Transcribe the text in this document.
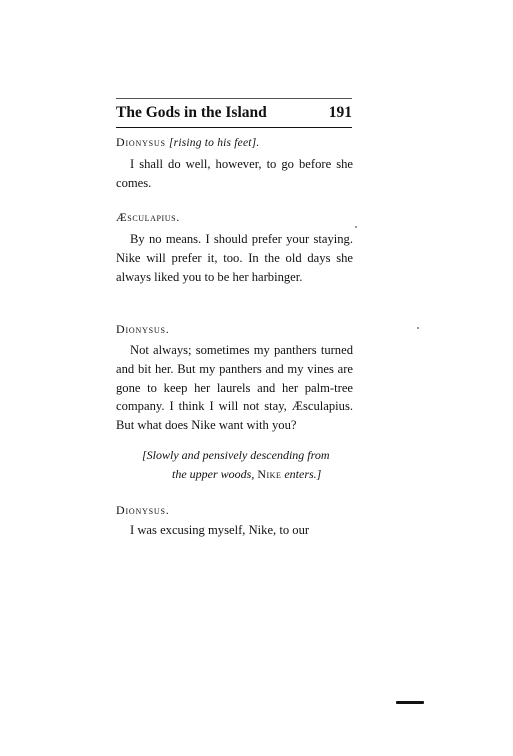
The Gods in the Island	191
Dionysus [rising to his feet].
I shall do well, however, to go before she comes.
Æsculapius.
By no means. I should prefer your staying. Nike will prefer it, too. In the old days she always liked you to be her harbinger.
Dionysus.
Not always; sometimes my panthers turned and bit her. But my panthers and my vines are gone to keep her laurels and her palm-tree company. I think I will not stay, Æsculapius. But what does Nike want with you?
[Slowly and pensively descending from
the upper woods, Nike enters.]
Dionysus.
I was excusing myself, Nike, to our
